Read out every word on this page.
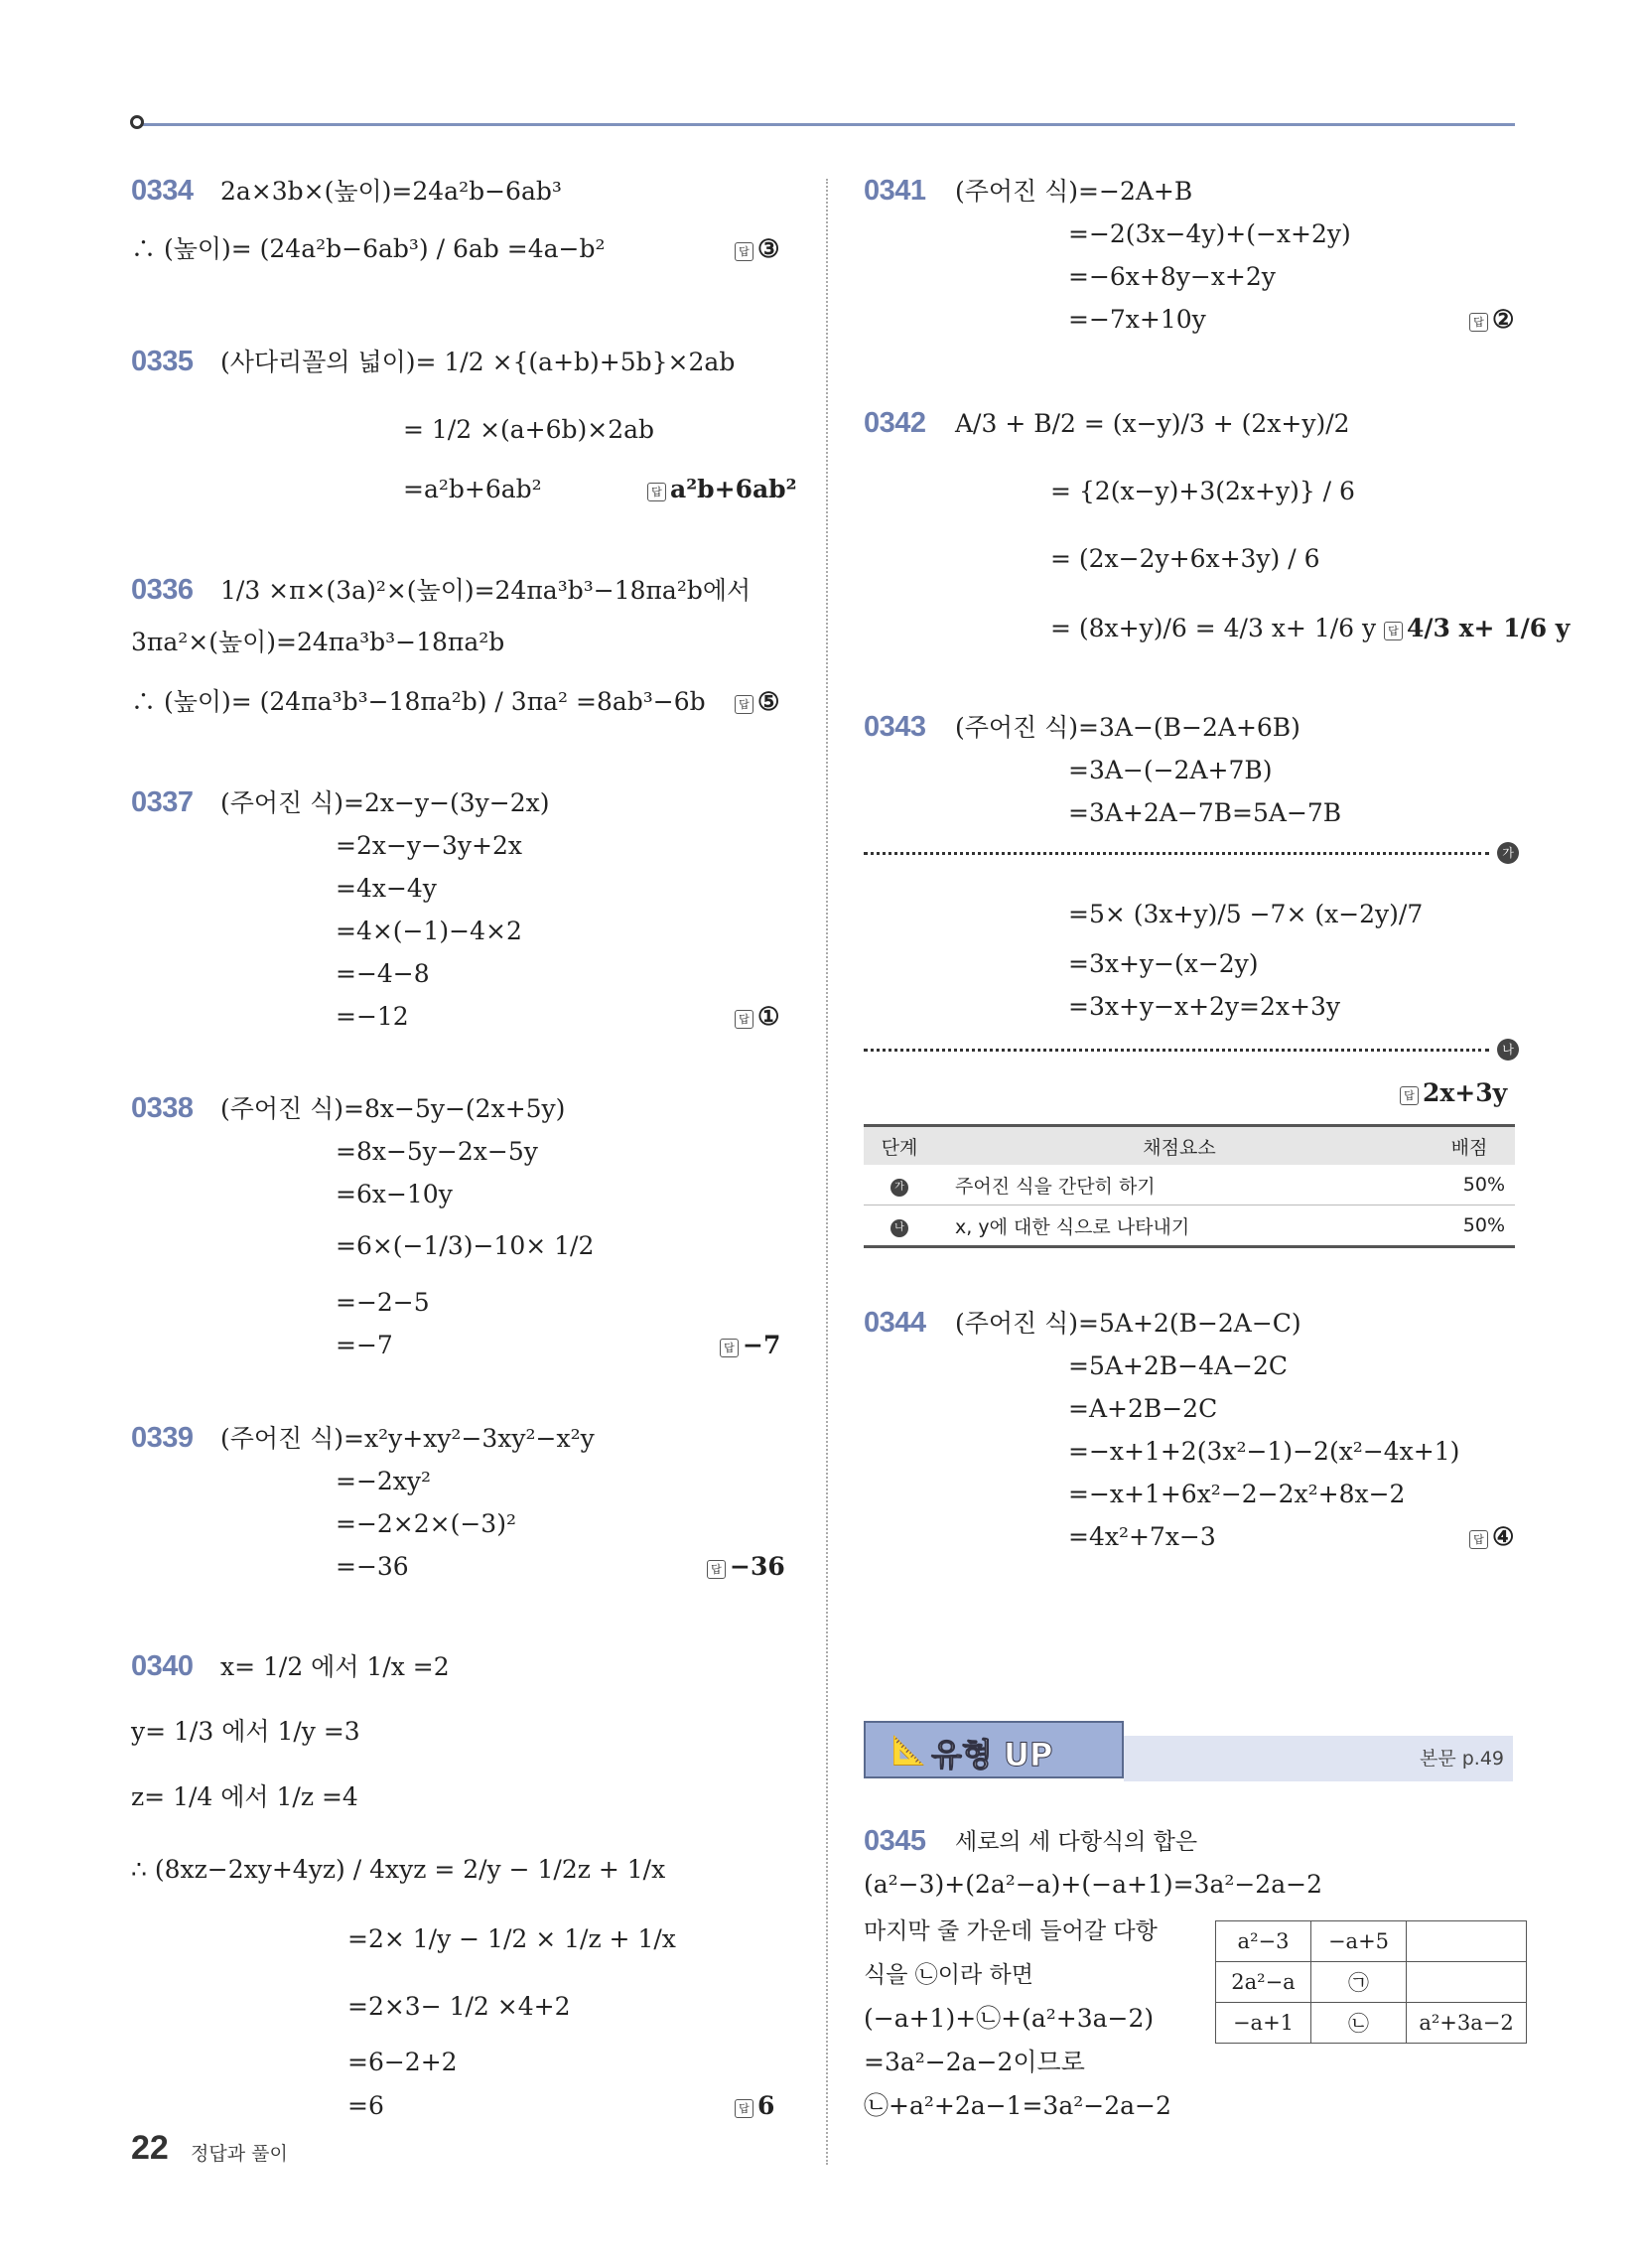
0334 2a×3b×(높이)=24a²b−6ab³
∴ (높이)= (24a²b−6ab³) / 6ab =4a−b²	답 ③
0335 (사다리꼴의 넓이)= 1/2 ×{(a+b)+5b}×2ab
= 1/2 ×(a+6b)×2ab
=a²b+6ab²	답 a²b+6ab²
0336 1/3 ×π×(3a)²×(높이)=24πa³b³−18πa²b에서
3πa²×(높이)=24πa³b³−18πa²b
∴ (높이)= (24πa³b³−18πa²b) / 3πa² =8ab³−6b	답 ⑤
0337 (주어진 식)=2x−y−(3y−2x)
=2x−y−3y+2x
=4x−4y
=4×(−1)−4×2
=−4−8
=−12	답 ①
0338 (주어진 식)=8x−5y−(2x+5y)
=8x−5y−2x−5y
=6x−10y
=6×(−1/3)−10× 1/2
=−2−5
=−7	답 −7
0339 (주어진 식)=x²y+xy²−3xy²−x²y
=−2xy²
=−2×2×(−3)²
=−36	답 −36
0340 x= 1/2 에서 1/x =2
y= 1/3 에서 1/y =3
z= 1/4 에서 1/z =4
∴ (8xz−2xy+4yz) / 4xyz = 2/y − 1/2z + 1/x
=2× 1/y − 1/2 × 1/z + 1/x
=2×3− 1/2 ×4+2
=6−2+2
=6	답 6
0341 (주어진 식)=−2A+B
=−2(3x−4y)+(−x+2y)
=−6x+8y−x+2y
=−7x+10y	답 ②
0342 A/3 + B/2 = (x−y)/3 + (2x+y)/2
= {2(x−y)+3(2x+y)} / 6
= (2x−2y+6x+3y) / 6
= (8x+y)/6 = 4/3 x+ 1/6 y	답 4/3 x+ 1/6 y
0343 (주어진 식)=3A−(B−2A+6B)
=3A−(−2A+7B)
=3A+2A−7B=5A−7B
가
=5× (3x+y)/5 −7× (x−2y)/7
=3x+y−(x−2y)
=3x+y−x+2y=2x+3y
나
답 2x+3y
단계	채점요소	배점
가	주어진 식을 간단히 하기	50%
나	x, y에 대한 식으로 나타내기	50%
0344 (주어진 식)=5A+2(B−2A−C)
=5A+2B−4A−2C
=A+2B−2C
=−x+1+2(3x²−1)−2(x²−4x+1)
=−x+1+6x²−2−2x²+8x−2
=4x²+7x−3	답 ④
📐 유형 UP	본문 p.49
0345 세로의 세 다항식의 합은
(a²−3)+(2a²−a)+(−a+1)=3a²−2a−2
마지막 줄 가운데 들어갈 다항
식을 ㉡이라 하면
(−a+1)+㉡+(a²+3a−2)
=3a²−2a−2이므로
㉡+a²+2a−1=3a²−2a−2
a²−3	−a+5	
2a²−a	㉠	
−a+1	㉡	a²+3a−2
22 정답과 풀이
